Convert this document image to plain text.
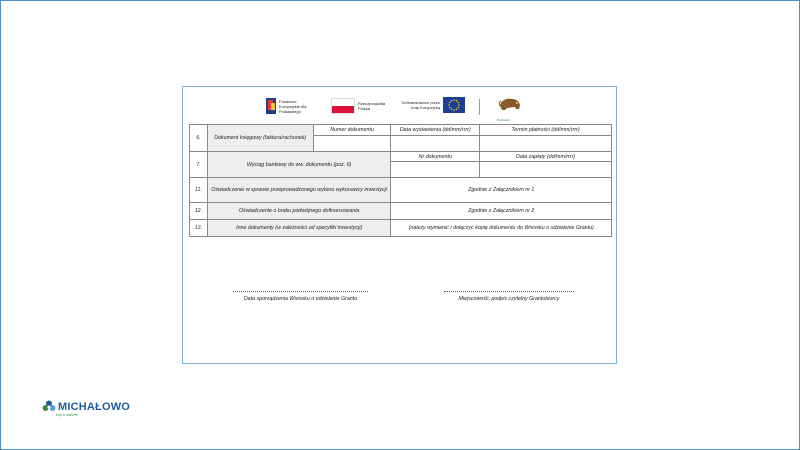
Fundusze Europejskie dla Podlaskiego
Rzeczpospolita Polska
Dofinansowane przez Unię Europejską
Podlaskie
6.	Dokument księgowy (faktura/rachunek)	Numer dokumentu	Data wystawienia (dd/mm/rrrr)	Termin płatności (dd/mm/rrrr)

7.	Wyciąg bankowy do ww. dokumentu (poz. 6)		Nr dokumentu	Data zapłaty (dd/mm/rrrr)

11.	Oświadczenie w sprawie przeprowadzonego wyboru wykonawcy inwestycji		Zgodnie z Załącznikiem nr 1	
12.	Oświadczenie o braku podwójnego dofinansowania		Zgodnie z Załącznikiem nr 2	
13.	Inne dokumenty (w zależności od specyfiki inwestycji)		(należy wymienić i dołączyć kopię dokumentu do Wniosku o udzielenie Grantu)	
Data sporządzenia Wniosku o udzielenie Grantu	Miejscowość, podpis czytelny Grantobiorcy
MICHAŁOWO
kraj w naturze
